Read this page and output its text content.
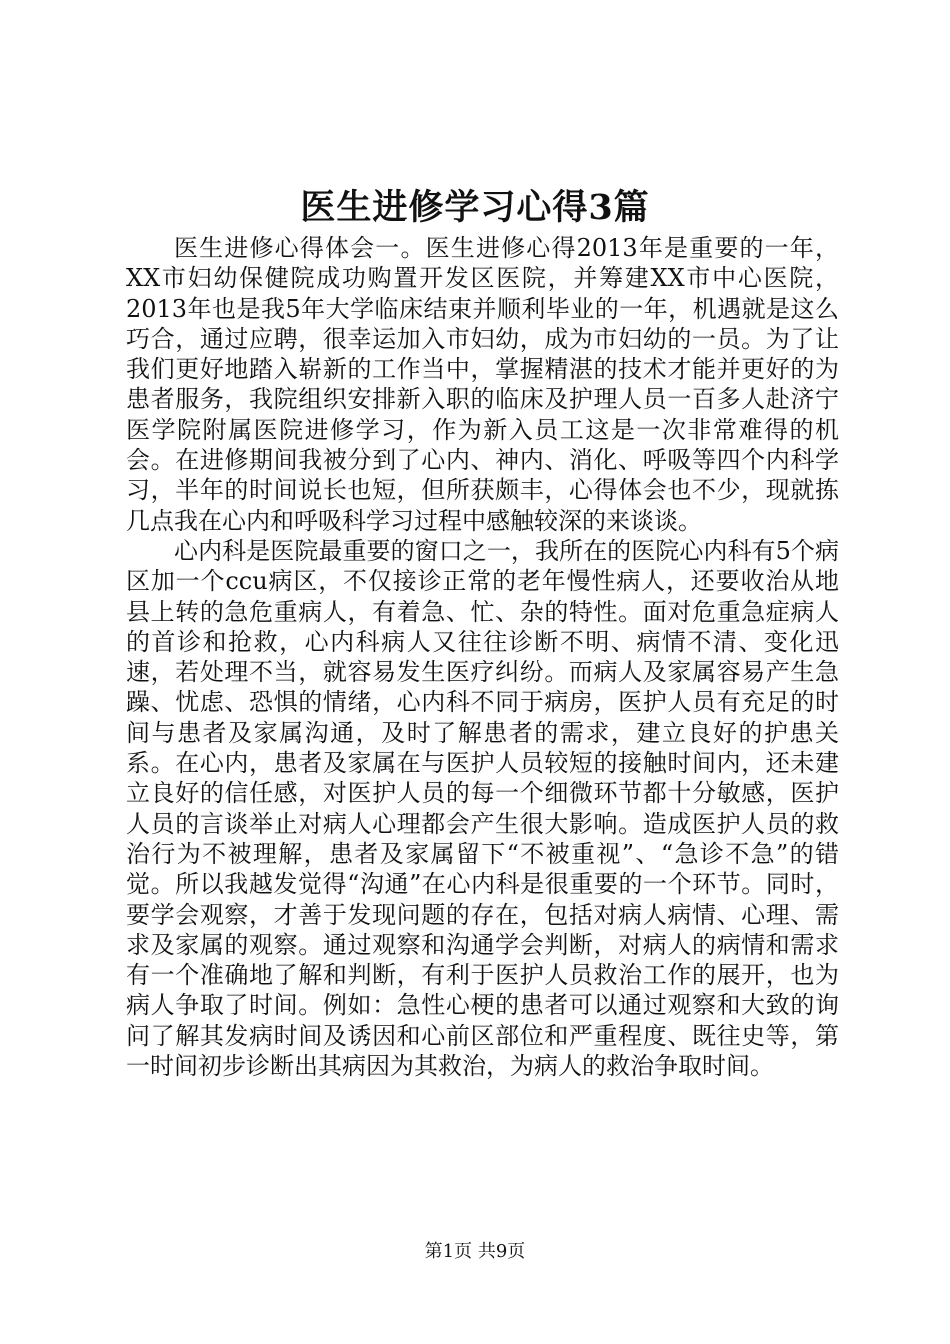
医生进修学习心得3篇

医生进修心得体会一。医生进修心得2013年是重要的一年，XX市妇幼保健院成功购置开发区医院，并筹建XX市中心医院，2013年也是我5年大学临床结束并顺利毕业的一年，机遇就是这么巧合，通过应聘，很幸运加入市妇幼，成为市妇幼的一员。为了让我们更好地踏入崭新的工作当中，掌握精湛的技术才能并更好的为患者服务，我院组织安排新入职的临床及护理人员一百多人赴济宁医学院附属医院进修学习，作为新入员工这是一次非常难得的机会。在进修期间我被分到了心内、神内、消化、呼吸等四个内科学习，半年的时间说长也短，但所获颇丰，心得体会也不少，现就拣几点我在心内和呼吸科学习过程中感触较深的来谈谈。

心内科是医院最重要的窗口之一，我所在的医院心内科有5个病区加一个ccu病区，不仅接诊正常的老年慢性病人，还要收治从地县上转的急危重病人，有着急、忙、杂的特性。面对危重急症病人的首诊和抢救，心内科病人又往往诊断不明、病情不清、变化迅速，若处理不当，就容易发生医疗纠纷。而病人及家属容易产生急躁、忧虑、恐惧的情绪，心内科不同于病房，医护人员有充足的时间与患者及家属沟通，及时了解患者的需求，建立良好的护患关系。在心内，患者及家属在与医护人员较短的接触时间内，还未建立良好的信任感，对医护人员的每一个细微环节都十分敏感，医护人员的言谈举止对病人心理都会产生很大影响。造成医护人员的救治行为不被理解，患者及家属留下“不被重视”、“急诊不急”的错觉。所以我越发觉得“沟通”在心内科是很重要的一个环节。同时，要学会观察，才善于发现问题的存在，包括对病人病情、心理、需求及家属的观察。通过观察和沟通学会判断，对病人的病情和需求有一个准确地了解和判断，有利于医护人员救治工作的展开，也为病人争取了时间。例如：急性心梗的患者可以通过观察和大致的询问了解其发病时间及诱因和心前区部位和严重程度、既往史等，第一时间初步诊断出其病因为其救治，为病人的救治争取时间。

第1页 共9页
